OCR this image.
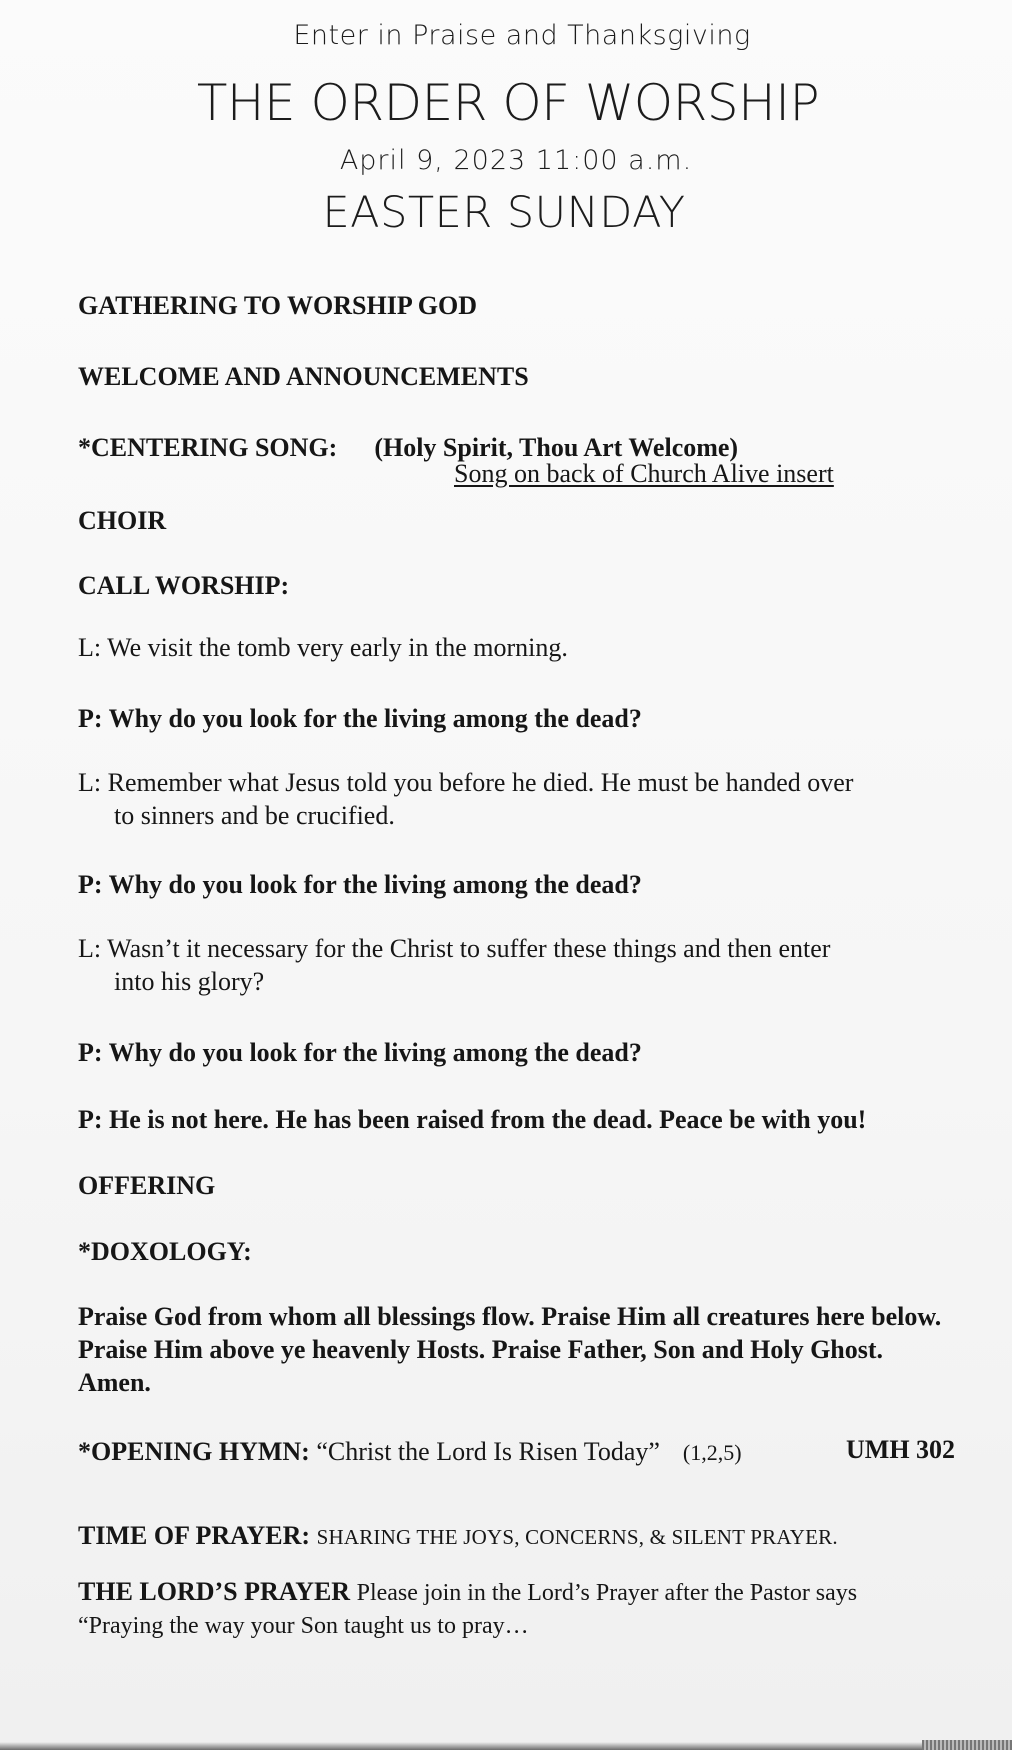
Enter in Praise and Thanksgiving
THE ORDER OF WORSHIP
April 9, 2023 11:00 a.m.
EASTER SUNDAY
GATHERING TO WORSHIP GOD
WELCOME AND ANNOUNCEMENTS
*CENTERING SONG: (Holy Spirit, Thou Art Welcome)
Song on back of Church Alive insert
CHOIR
CALL WORSHIP:
L: We visit the tomb very early in the morning.
P: Why do you look for the living among the dead?
L: Remember what Jesus told you before he died. He must be handed over
to sinners and be crucified.
P: Why do you look for the living among the dead?
L: Wasn’t it necessary for the Christ to suffer these things and then enter
into his glory?
P: Why do you look for the living among the dead?
P: He is not here. He has been raised from the dead. Peace be with you!
OFFERING
*DOXOLOGY:
Praise God from whom all blessings flow. Praise Him all creatures here below. Praise Him above ye heavenly Hosts. Praise Father, Son and Holy Ghost. Amen.
*OPENING HYMN: “Christ the Lord Is Risen Today” (1,2,5)	UMH 302
TIME OF PRAYER: SHARING THE JOYS, CONCERNS, & SILENT PRAYER.
THE LORD’S PRAYER Please join in the Lord’s Prayer after the Pastor says
“Praying the way your Son taught us to pray…
